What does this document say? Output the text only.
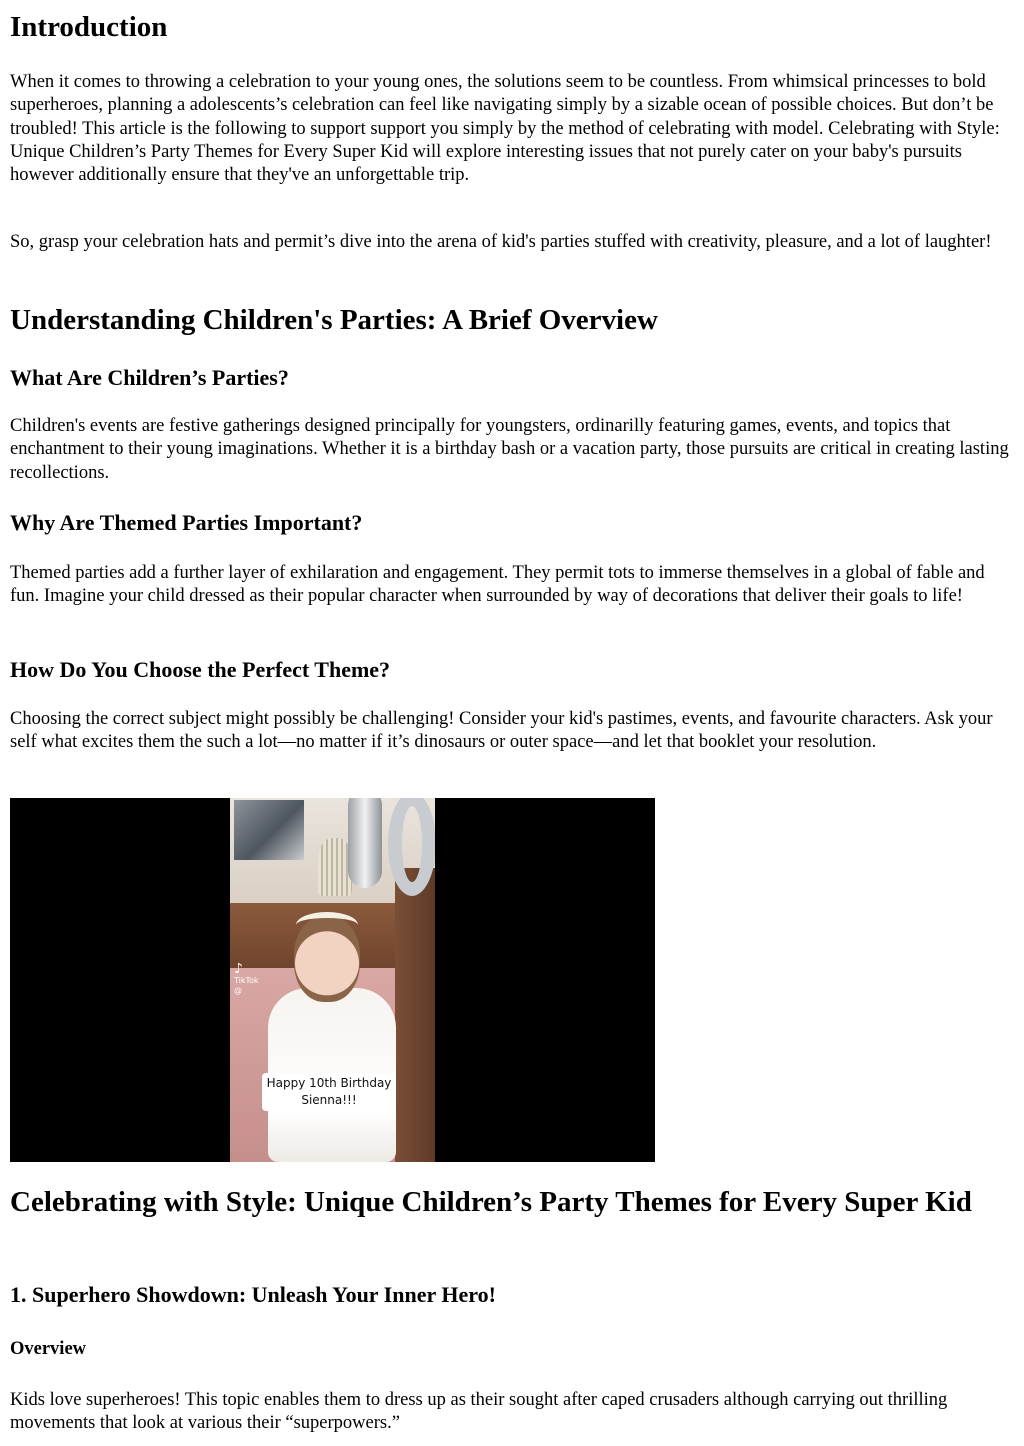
Introduction

When it comes to throwing a celebration to your young ones, the solutions seem to be countless. From whimsical princesses to bold superheroes, planning a adolescents’s celebration can feel like navigating simply by a sizable ocean of possible choices. But don’t be troubled! This article is the following to support support you simply by the method of celebrating with model. Celebrating with Style: Unique Children’s Party Themes for Every Super Kid will explore interesting issues that not purely cater on your baby's pursuits however additionally ensure that they've an unforgettable trip.

So, grasp your celebration hats and permit’s dive into the arena of kid's parties stuffed with creativity, pleasure, and a lot of laughter!

Understanding Children's Parties: A Brief Overview
What Are Children’s Parties?

Children's events are festive gatherings designed principally for youngsters, ordinarilly featuring games, events, and topics that enchantment to their young imaginations. Whether it is a birthday bash or a vacation party, those pursuits are critical in creating lasting recollections.

Why Are Themed Parties Important?

Themed parties add a further layer of exhilaration and engagement. They permit tots to immerse themselves in a global of fable and fun. Imagine your child dressed as their popular character when surrounded by way of decorations that deliver their goals to life!

How Do You Choose the Perfect Theme?

Choosing the correct subject might possibly be challenging! Consider your kid's pastimes, events, and favourite characters. Ask your self what excites them the such a lot—no matter if it’s dinosaurs or outer space—and let that booklet your resolution.

♪
TikTok
@
Happy 10th Birthday
Sienna!!!
Celebrating with Style: Unique Children’s Party Themes for Every Super Kid
1. Superhero Showdown: Unleash Your Inner Hero!
Overview

Kids love superheroes! This topic enables them to dress up as their sought after caped crusaders although carrying out thrilling movements that look at various their “superpowers.”
